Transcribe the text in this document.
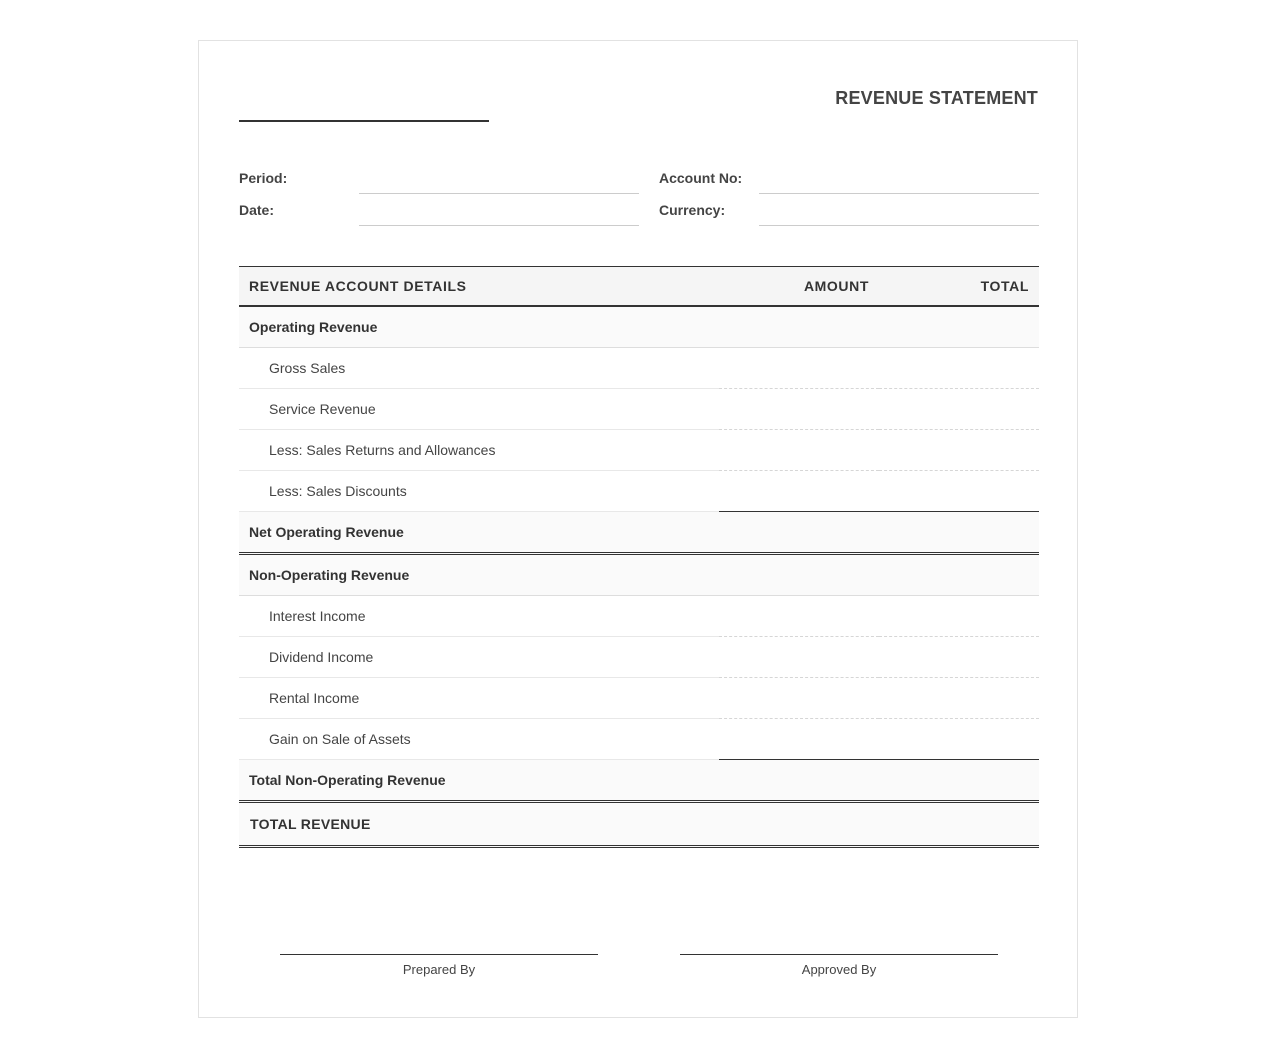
REVENUE STATEMENT
Period:	Account No:
Date:	Currency:
REVENUE ACCOUNT DETAILS	AMOUNT	TOTAL
Operating Revenue		
Gross Sales		
Service Revenue		
Less: Sales Returns and Allowances		
Less: Sales Discounts		
Net Operating Revenue		
Non-Operating Revenue		
Interest Income		
Dividend Income		
Rental Income		
Gain on Sale of Assets		
Total Non-Operating Revenue		
TOTAL REVENUE		
Prepared By	Approved By
